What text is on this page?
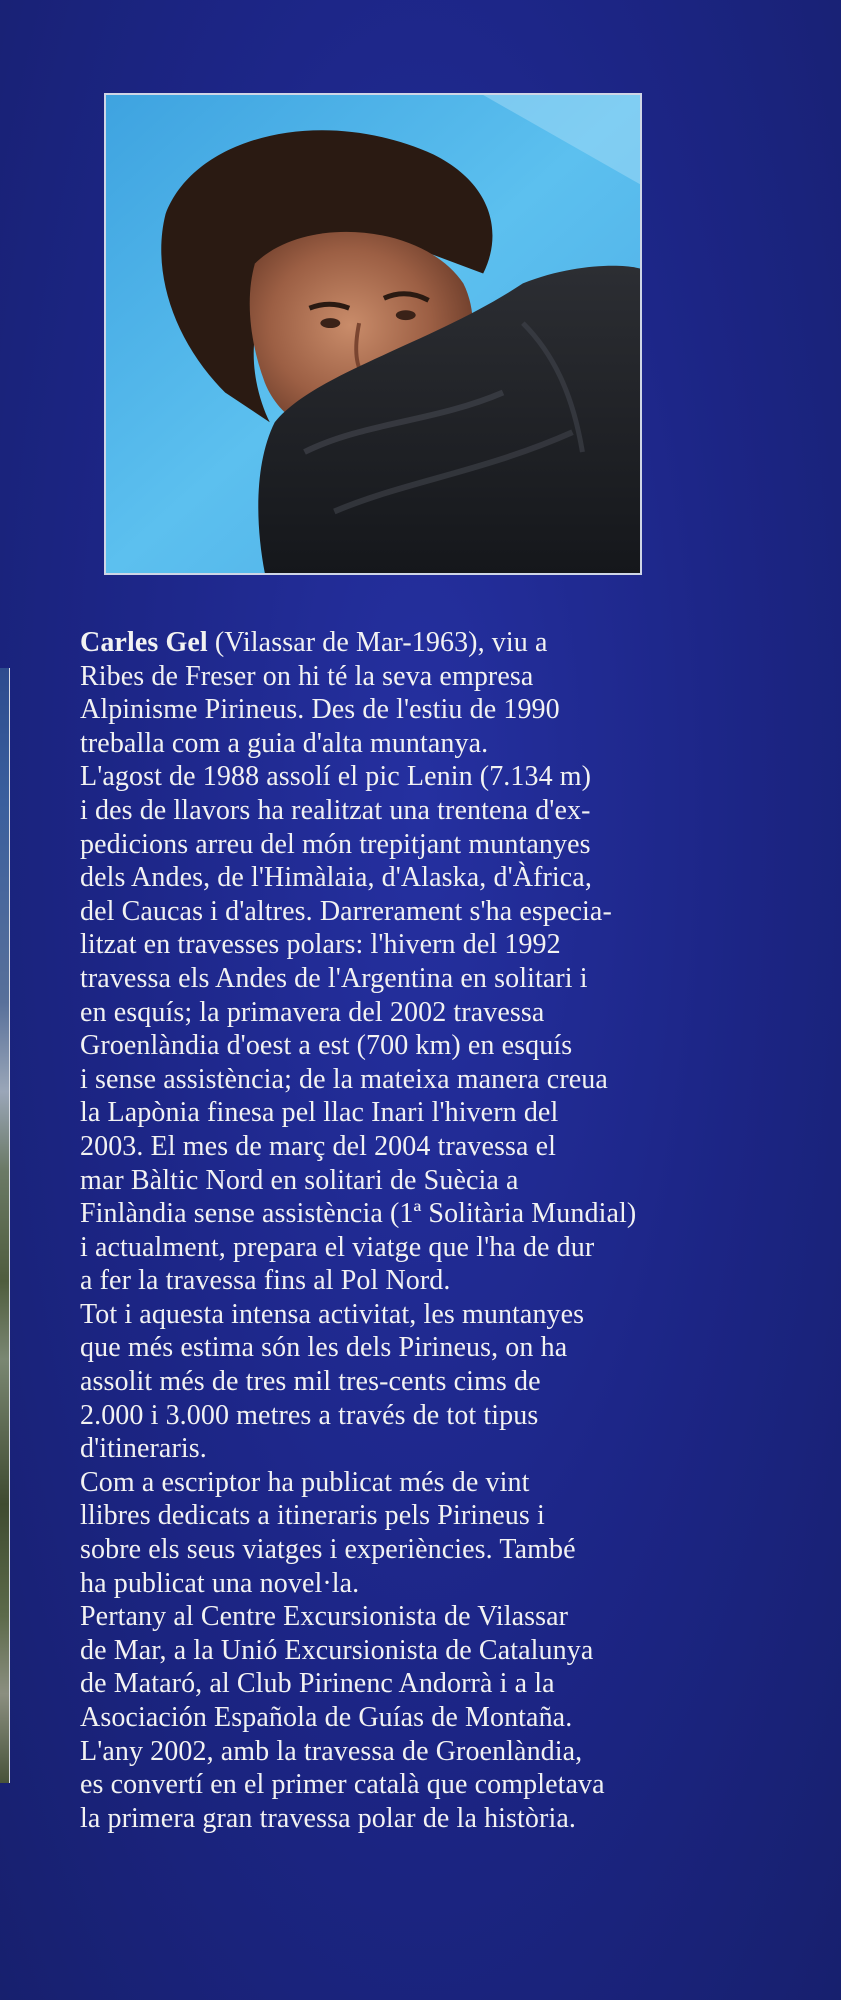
Carles Gel (Vilassar de Mar-1963), viu a
Ribes de Freser on hi té la seva empresa
Alpinisme Pirineus. Des de l'estiu de 1990
treballa com a guia d'alta muntanya.
L'agost de 1988 assolí el pic Lenin (7.134 m)
i des de llavors ha realitzat una trentena d'ex-
pedicions arreu del món trepitjant muntanyes
dels Andes, de l'Himàlaia, d'Alaska, d'Àfrica,
del Caucas i d'altres. Darrerament s'ha especia-
litzat en travesses polars: l'hivern del 1992
travessa els Andes de l'Argentina en solitari i
en esquís; la primavera del 2002 travessa
Groenlàndia d'oest a est (700 km) en esquís
i sense assistència; de la mateixa manera creua
la Lapònia finesa pel llac Inari l'hivern del
2003. El mes de març del 2004 travessa el
mar Bàltic Nord en solitari de Suècia a
Finlàndia sense assistència (1ª Solitària Mundial)
i actualment, prepara el viatge que l'ha de dur
a fer la travessa fins al Pol Nord.
Tot i aquesta intensa activitat, les muntanyes
que més estima són les dels Pirineus, on ha
assolit més de tres mil tres-cents cims de
2.000 i 3.000 metres a través de tot tipus
d'itineraris.
Com a escriptor ha publicat més de vint
llibres dedicats a itineraris pels Pirineus i
sobre els seus viatges i experiències. També
ha publicat una novel·la.
Pertany al Centre Excursionista de Vilassar
de Mar, a la Unió Excursionista de Catalunya
de Mataró, al Club Pirinenc Andorrà i a la
Asociación Española de Guías de Montaña.
L'any 2002, amb la travessa de Groenlàndia,
es convertí en el primer català que completava
la primera gran travessa polar de la història.
